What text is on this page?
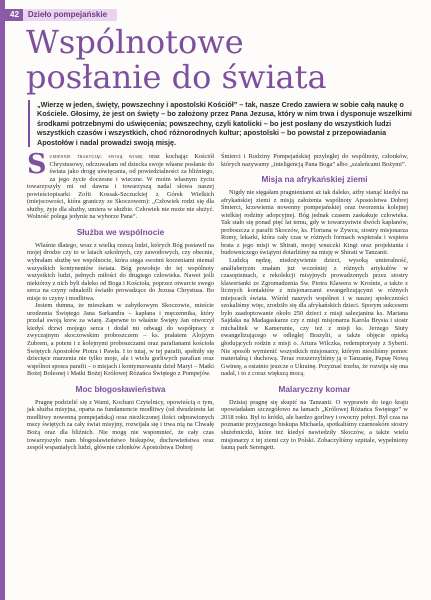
42	Dzieło pompejańskie
Wspólnotowe
posłanie do świata

„Wierzę w jeden, święty, powszechny i apostolski Kościół” – tak, nasze Credo zawiera w sobie całą naukę o Kościele. Głosimy, że jest on święty – bo założony przez Pana Jezusa, który w nim trwa i dysponuje wszelkimi środkami potrzebnymi do uświęcenia; powszechny, czyli katolicki – bo jest posłany do wszystkich ludzi wszystkich czasów i wszystkich, choć różnorodnych kultur; apostolski – bo powstał z przepowiadania Apostołów i nadal prowadzi swoją misję.

Sumiennie traktując swoją wiarę oraz kochając Kościół Chrystusowy, odczuwałam od dziecka swoje własne posłanie do świata jako drogę uświęcania, od powiedzialności za bliźniego, za jego życie doczesne i wieczne. W moim własnym życiu towarzyszyły mi od dawna i towarzyszą nadal słowa naszej powieściopisarki Zofii Kossak-Szczuckiej z Górek Wielkich (miejscowości, która graniczy ze Skoczowem): „Człowiek rodzi się dla służby, żyje dla służby, umiera w służbie. Człowiek nie może nie służyć. Wolność polega jedynie na wyborze Pana”.

Służba we wspólnocie

Właśnie dlatego, wraz z wielką rzeszą ludzi, których Bóg postawił na mojej drodze czy to w latach szkolnych, czy zawodowych, czy obecnie, wybrałam służbę we wspólnocie, która sięga swoimi korzeniami niemal wszystkich kontynentów świata. Bóg powołuje do tej wspólnoty wszystkich ludzi, pełnych miłości do drugiego człowieka. Nawet jeśli niektórzy z nich byli daleko od Boga i Kościoła, poprzez otwarcie swego serca na czyny odnaleźli światło prowadzące do Jezusa Chrystusa. Bo misje to czyny i modlitwa.

Jestem dumna, że mieszkam w zabytkowym Skoczowie, mieście urodzenia Świętego Jana Sarkandra – kapłana i męczennika, który przelał swoją krew za wiarę. Zapewne to właśnie Święty Jan otworzył kiedyś drzwi mojego serca i dodał mi odwagi do współpracy z zwyczajnym skoczowskim proboszczem – ks. prałatem Alojzym Zubrem, a potem i z kolejnymi proboszczami oraz parafianami kościoła Świętych Apostołów Piotra i Pawła. I to tutaj, w tej parafii, spełniły się dziecięce marzenia nie tylko moje, ale i wielu gorliwych parafian oraz wspólnot sposra parafii – o misjach i kontynuowaniu dzieł Maryi – Matki Bożej Bolesnej i Matki Bożej Królowej Różańca Świętego z Pompejów.

Moc błogosławieństwa

Pragnę podzielić się z Wami, Kochani Czytelnicy, opowieścią o tym, jak służba misyjna, oparta na fundamencie modlitwy (od dwudziestu lat modlitwy nowenną pompejańską) oraz niezliczonej ilości odprawionych mszy świętych za cały świat misyjny, rozwijała się i trwa nią na Chwałę Bożą oraz dla bliźnich. Nie mogę nie wspomnieć, że cały czas towarzyszyło nam błogosławieństwo biskupów, duchowieństwa oraz zespół wspaniałych ludzi, głównie członków Apostolstwa Dobrej

Śmierci i Rodziny Pompejańskiej przyległej do wspólnoty, członków, których nazywamy „inteligencją Pana Boga” albo „szaleńcami Bożymi”.

Misja na afrykańskiej ziemi

Nigdy nie sięgałam pragnieniami aż tak daleko, ażby stanąć kiedyś na afrykańskiej ziemi z misją założenia wspólnoty Apostolstwa Dobrej Śmierci, krzewienia nowenny pompejańskiej oraz tworzenia kolejnej wielkiej rodziny adopcyjnej. Bóg jednak czasem zaskakuje człowieka. Tak stało się ponad pięć lat temu, gdy w towarzystwie dwóch kapłanów, proboszcza z parafii Skoczów, ks. Floriana w Żywcu, siostry misjonarza Romy, lekarki, która cały czas w różnych formach wspierała i wspiera brata z jego misji w Shirati, mojej wnuczki Kingi oraz projektanta i budowniczego świątyni dotarliśmy na misję w Shirati w Tanzanii.

Ludzką nędzę, niedożywienie dzieci, wysoką umieralność, analfabetyzm znałam już wcześniej z różnych artykułów w czasopismach, z rekolekcji misyjnych prowadzonych przez siostry klawerianki ze Zgromadzenia Św. Piotra Klawera w Krośnie, a także z licznych kontaktów z misjonarzami ewangelizującymi w różnych miejscach świata. Wśród naszych wspólnot i w naszej społeczności szokaliśmy więc, zrodziło się dla afrykańskich dzieci. Sporym sukcesem było zaadoptowanie około 250 dzieci z misji salezjanina ks. Mariana Sajdaka na Madagaskarze czy z misji misjonarza Karola Brysia i siostr michalitek w Kamerunie, czy też z misji ks. Jerzego Siuty ewangelizującego w odległej Brazylii, a także objęcie opieką głodujących rodzin z misji o. Artura Wilczka, redemptorysty z Syberii. Nie sposób wymienić wszystkich misjonarzy, którym niesiliśmy pomoc materialną i duchową. Teraz rozszerzyliśmy ją o Tanzanię, Papuę Nową Gwineę, a ostatnio jeszcze o Ukrainę. Przyznać trzeba, że rozwija się ona nadal, i to z coraz większą mocą.

Malaryczny komar

Dzisiaj pragnę się skupić na Tanzanii. O wyprawie do tego kraju opowiadałam szczegółowo na łamach „Królowej Różańca Świętego” w 2018 roku. Był to krótki, ale bardzo gorliwy i owocny pobyt. Był czas na poznanie przyjaznego biskupa Michaela, spotkaliśmy czarnoskóre siostry służebniczki, które też kiedyś nawiedziły Skoczów, a także wielu misjonarzy z tej ziemi czy to Polski. Zobaczyliśmy szpitale, wypełniony fauną park Serengeti.
